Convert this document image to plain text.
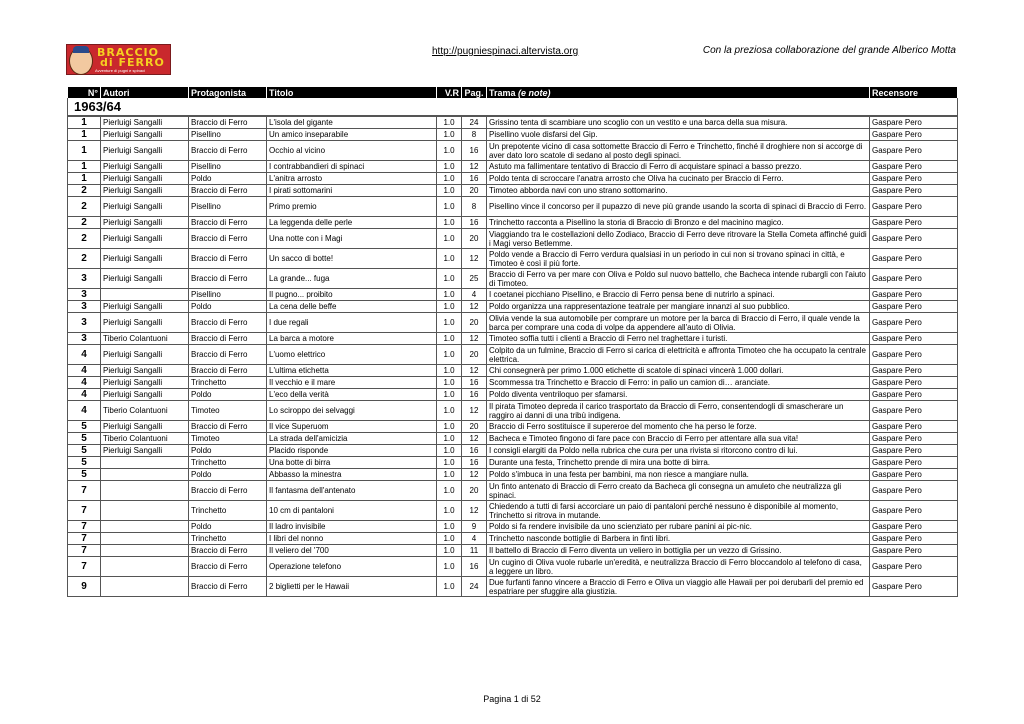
BRACCIO
di FERRO
Avventure di pugni e spinaci
http://pugniespinaci.altervista.org	Con la preziosa collaborazione del grande Alberico Motta
N°	Autori	Protagonista	Titolo	V.R	Pag.	Trama (e note)	Recensore
1963/64							
1	Pierluigi Sangalli	Braccio di Ferro	L'isola del gigante	1.0	24	Grissino tenta di scambiare uno scoglio con un vestito e una barca della sua misura.	Gaspare Pero
1	Pierluigi Sangalli	Pisellino	Un amico inseparabile	1.0	8	Pisellino vuole disfarsi del Gip.	Gaspare Pero
1	Pierluigi Sangalli	Braccio di Ferro	Occhio al vicino	1.0	16	Un prepotente vicino di casa sottomette Braccio di Ferro e Trinchetto, finché il droghiere non si accorge di aver dato loro scatole di sedano al posto degli spinaci.	Gaspare Pero
1	Pierluigi Sangalli	Pisellino	I contrabbandieri di spinaci	1.0	12	Astuto ma fallimentare tentativo di Braccio di Ferro di acquistare spinaci a basso prezzo.	Gaspare Pero
1	Pierluigi Sangalli	Poldo	L'anitra arrosto	1.0	16	Poldo tenta di scroccare l'anatra arrosto che Oliva ha cucinato per Braccio di Ferro.	Gaspare Pero
2	Pierluigi Sangalli	Braccio di Ferro	I pirati sottomarini	1.0	20	Timoteo abborda navi con uno strano sottomarino.	Gaspare Pero
2	Pierluigi Sangalli	Pisellino	Primo premio	1.0	8	Pisellino vince il concorso per il pupazzo di neve più grande usando la scorta di spinaci di Braccio di Ferro.	Gaspare Pero
2	Pierluigi Sangalli	Braccio di Ferro	La leggenda delle perle	1.0	16	Trinchetto racconta a Pisellino la storia di Braccio di Bronzo e del macinino magico.	Gaspare Pero
2	Pierluigi Sangalli	Braccio di Ferro	Una notte con i Magi	1.0	20	Viaggiando tra le costellazioni dello Zodiaco, Braccio di Ferro deve ritrovare la Stella Cometa affinché guidi i Magi verso Betlemme.	Gaspare Pero
2	Pierluigi Sangalli	Braccio di Ferro	Un sacco di botte!	1.0	12	Poldo vende a Braccio di Ferro verdura qualsiasi in un periodo in cui non si trovano spinaci in città, e Timoteo è così il più forte.	Gaspare Pero
3	Pierluigi Sangalli	Braccio di Ferro	La grande... fuga	1.0	25	Braccio di Ferro va per mare con Oliva e Poldo sul nuovo battello, che Bacheca intende rubargli con l'aiuto di Timoteo.	Gaspare Pero
3		Pisellino	Il pugno... proibito	1.0	4	I coetanei picchiano Pisellino, e Braccio di Ferro pensa bene di nutrirlo a spinaci.	Gaspare Pero
3	Pierluigi Sangalli	Poldo	La cena delle beffe	1.0	12	Poldo organizza una rappresentazione teatrale per mangiare innanzi al suo pubblico.	Gaspare Pero
3	Pierluigi Sangalli	Braccio di Ferro	I due regali	1.0	20	Olivia vende la sua automobile per comprare un motore per la barca di Braccio di Ferro, il quale vende la barca per comprare una coda di volpe da appendere all'auto di Olivia.	Gaspare Pero
3	Tiberio Colantuoni	Braccio di Ferro	La barca a motore	1.0	12	Timoteo soffia tutti i clienti a Braccio di Ferro nel traghettare i turisti.	Gaspare Pero
4	Pierluigi Sangalli	Braccio di Ferro	L'uomo elettrico	1.0	20	Colpito da un fulmine, Braccio di Ferro si carica di elettricità e affronta Timoteo che ha occupato la centrale elettrica.	Gaspare Pero
4	Pierluigi Sangalli	Braccio di Ferro	L'ultima etichetta	1.0	12	Chi consegnerà per primo 1.000 etichette di scatole di spinaci vincerà 1.000 dollari.	Gaspare Pero
4	Pierluigi Sangalli	Trinchetto	Il vecchio e il mare	1.0	16	Scommessa tra Trinchetto e Braccio di Ferro: in palio un camion di… aranciate.	Gaspare Pero
4	Pierluigi Sangalli	Poldo	L'eco della verità	1.0	16	Poldo diventa ventriloquo per sfamarsi.	Gaspare Pero
4	Tiberio Colantuoni	Timoteo	Lo sciroppo dei selvaggi	1.0	12	Il pirata Timoteo depreda il carico trasportato da Braccio di Ferro, consentendogli di smascherare un raggiro ai danni di una tribù indigena.	Gaspare Pero
5	Pierluigi Sangalli	Braccio di Ferro	Il vice Superuom	1.0	20	Braccio di Ferro sostituisce il supereroe del momento che ha perso le forze.	Gaspare Pero
5	Tiberio Colantuoni	Timoteo	La strada dell'amicizia	1.0	12	Bacheca e Timoteo fingono di fare pace con Braccio di Ferro per attentare alla sua vita!	Gaspare Pero
5	Pierluigi Sangalli	Poldo	Placido risponde	1.0	16	I consigli elargiti da Poldo nella rubrica che cura per una rivista si ritorcono contro di lui.	Gaspare Pero
5		Trinchetto	Una botte di birra	1.0	16	Durante una festa, Trinchetto prende di mira una botte di birra.	Gaspare Pero
5		Poldo	Abbasso la minestra	1.0	12	Poldo s'imbuca in una festa per bambini, ma non riesce a mangiare nulla.	Gaspare Pero
7		Braccio di Ferro	Il fantasma dell'antenato	1.0	20	Un finto antenato di Braccio di Ferro creato da Bacheca gli consegna un amuleto che neutralizza gli spinaci.	Gaspare Pero
7		Trinchetto	10 cm di pantaloni	1.0	12	Chiedendo a tutti di farsi accorciare un paio di pantaloni perché nessuno è disponibile al momento, Trinchetto si ritrova in mutande.	Gaspare Pero
7		Poldo	Il ladro invisibile	1.0	9	Poldo si fa rendere invisibile da uno scienziato per rubare panini ai pic-nic.	Gaspare Pero
7		Trinchetto	I libri del nonno	1.0	4	Trinchetto nasconde bottiglie di Barbera in finti libri.	Gaspare Pero
7		Braccio di Ferro	Il veliero del '700	1.0	11	Il battello di Braccio di Ferro diventa un veliero in bottiglia per un vezzo di Grissino.	Gaspare Pero
7		Braccio di Ferro	Operazione telefono	1.0	16	Un cugino di Oliva vuole rubarle un'eredità, e neutralizza Braccio di Ferro bloccandolo al telefono di casa, a leggere un libro.	Gaspare Pero
9		Braccio di Ferro	2 biglietti per le Hawaii	1.0	24	Due furfanti fanno vincere a Braccio di Ferro e Oliva un viaggio alle Hawaii per poi derubarli del premio ed espatriare per sfuggire alla giustizia.	Gaspare Pero
Pagina 1 di 52
